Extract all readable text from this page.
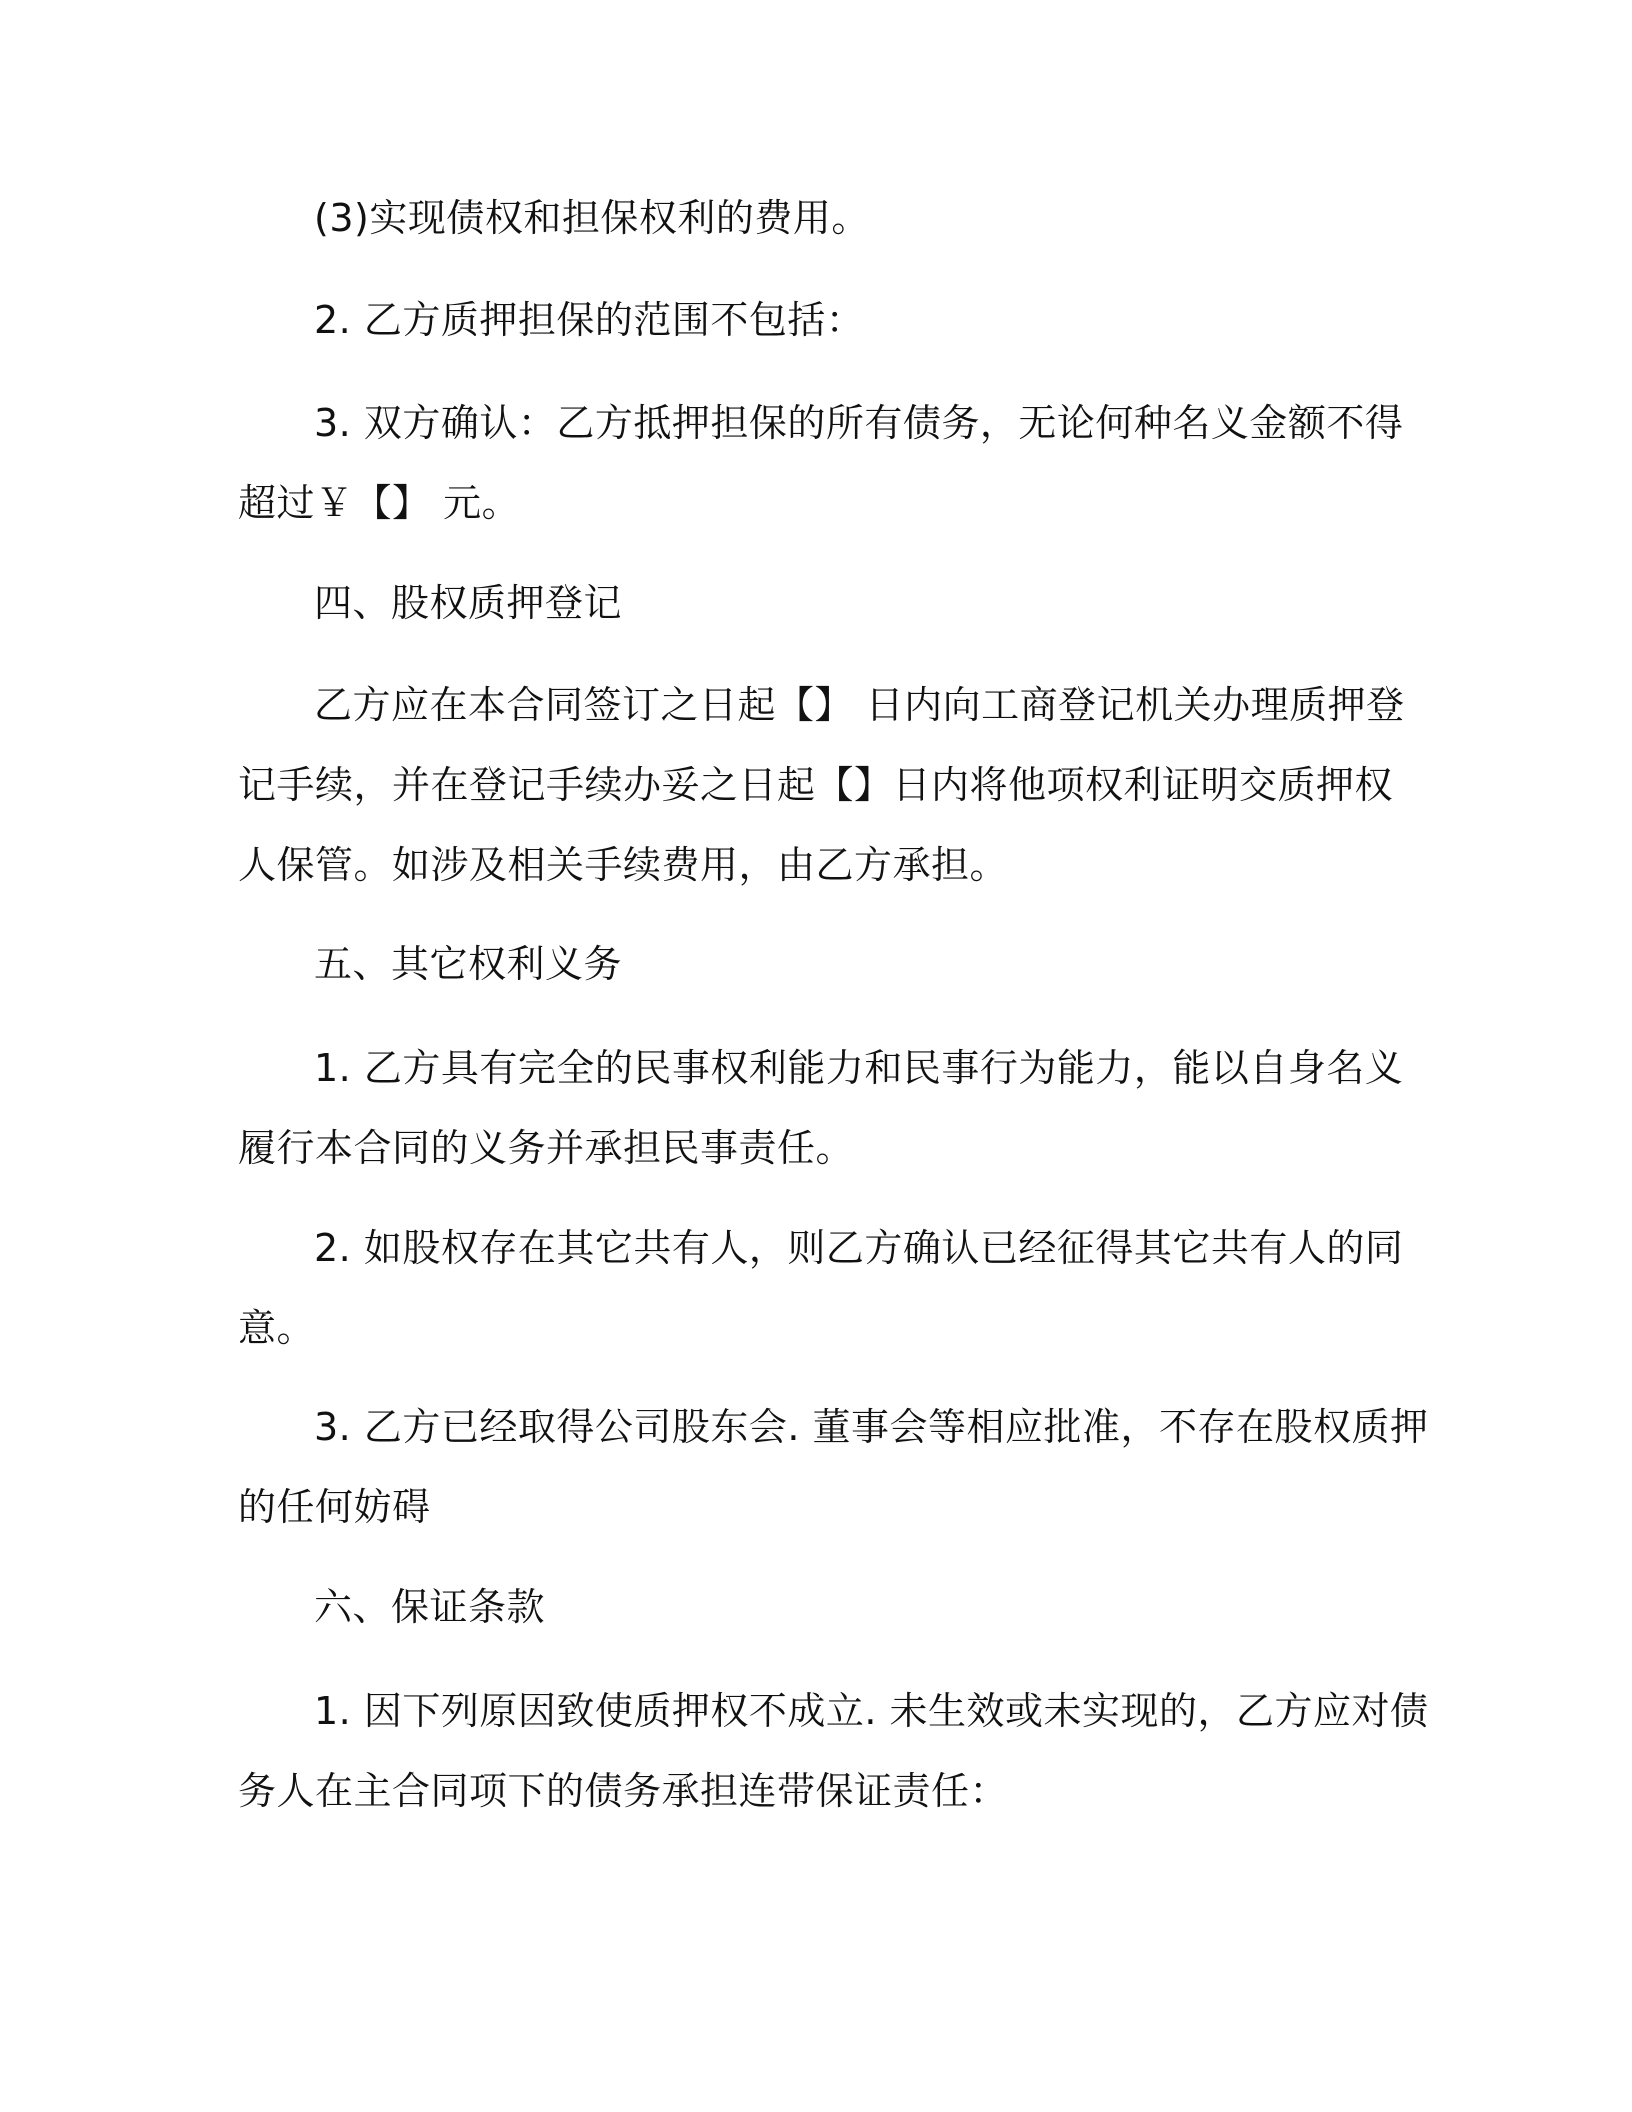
(3)实现债权和担保权利的费用。
2. 乙方质押担保的范围不包括：
3. 双方确认：乙方抵押担保的所有债务，无论何种名义金额不得
超过￥【】 元。
四、股权质押登记
乙方应在本合同签订之日起【】 日内向工商登记机关办理质押登
记手续，并在登记手续办妥之日起【】日内将他项权利证明交质押权
人保管。如涉及相关手续费用，由乙方承担。
五、其它权利义务
1. 乙方具有完全的民事权利能力和民事行为能力，能以自身名义
履行本合同的义务并承担民事责任。
2. 如股权存在其它共有人，则乙方确认已经征得其它共有人的同
意。
3. 乙方已经取得公司股东会. 董事会等相应批准，不存在股权质押
的任何妨碍
六、保证条款
1. 因下列原因致使质押权不成立. 未生效或未实现的，乙方应对债
务人在主合同项下的债务承担连带保证责任：
